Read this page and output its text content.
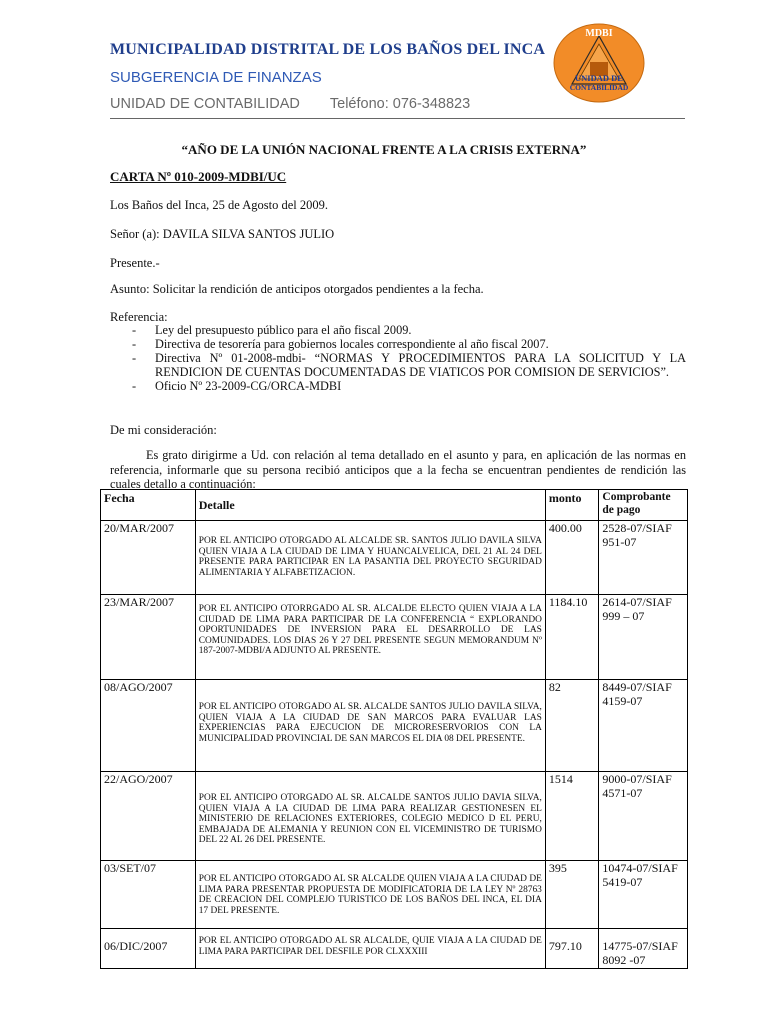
MUNICIPALIDAD DISTRITAL DE LOS BAÑOS DEL INCA
SUBGERENCIA DE FINANZAS
UNIDAD DE CONTABILIDAD Teléfono: 076-348823
MDBI
UNIDAD DE
CONTABILIDAD
“AÑO DE LA UNIÓN NACIONAL FRENTE A LA CRISIS EXTERNA”
CARTA Nº 010-2009-MDBI/UC
Los Baños del Inca, 25 de Agosto del 2009.
Señor (a): DAVILA SILVA SANTOS JULIO
Presente.-
Asunto: Solicitar la rendición de anticipos otorgados pendientes a la fecha.
Referencia:
- Ley del presupuesto público para el año fiscal 2009.
- Directiva de tesorería para gobiernos locales correspondiente al año fiscal 2007.
- Directiva Nº 01-2008-mdbi- “NORMAS Y PROCEDIMIENTOS PARA LA SOLICITUD Y LA RENDICION DE CUENTAS DOCUMENTADAS DE VIATICOS POR COMISION DE SERVICIOS”.
- Oficio Nº 23-2009-CG/ORCA-MDBI
De mi consideración:
Es grato dirigirme a Ud. con relación al tema detallado en el asunto y para, en aplicación de las normas en referencia, informarle que su persona recibió anticipos que a la fecha se encuentran pendientes de rendición las cuales detallo a continuación:
Fecha	Detalle	monto	Comprobante de pago
20/MAR/2007	POR EL ANTICIPO OTORGADO AL ALCALDE SR. SANTOS JULIO DAVILA SILVA QUIEN VIAJA A LA CIUDAD DE LIMA Y HUANCALVELICA, DEL 21 AL 24 DEL PRESENTE PARA PARTICIPAR EN LA PASANTIA DEL PROYECTO SEGURIDAD ALIMENTARIA Y ALFABETIZACION.	400.00	2528-07/SIAF
951-07

23/MAR/2007	POR EL ANTICIPO OTORRGADO AL SR. ALCALDE ELECTO QUIEN VIAJA A LA CIUDAD DE LIMA PARA PARTICIPAR DE LA CONFERENCIA “ EXPLORANDO OPORTUNIDADES DE INVERSION PARA EL DESARROLLO DE LAS COMUNIDADES. LOS DIAS 26 Y 27 DEL PRESENTE SEGUN MEMORANDUM Nº 187-2007-MDBI/A ADJUNTO AL PRESENTE.	1184.10	2614-07/SIAF
999 – 07

08/AGO/2007	POR EL ANTICIPO OTORGADO AL SR. ALCALDE SANTOS JULIO DAVILA SILVA, QUIEN VIAJA A LA CIUDAD DE SAN MARCOS PARA EVALUAR LAS EXPERIENCIAS PARA EJECUCION DE MICRORESERVORIOS CON LA MUNICIPALIDAD PROVINCIAL DE SAN MARCOS EL DIA 08 DEL PRESENTE.	82	8449-07/SIAF
4159-07

22/AGO/2007	POR EL ANTICIPO OTORGADO AL SR. ALCALDE SANTOS JULIO DAVIA SILVA, QUIEN VIAJA A LA CIUDAD DE LIMA PARA REALIZAR GESTIONESEN EL MINISTERIO DE RELACIONES EXTERIORES, COLEGIO MEDICO D EL PERU, EMBAJADA DE ALEMANIA Y REUNION CON EL VICEMINISTRO DE TURISMO DEL 22 AL 26 DEL PRESENTE.	1514	9000-07/SIAF
4571-07

03/SET/07	POR EL ANTICIPO OTORGADO AL SR ALCALDE QUIEN VIAJA A LA CIUDAD DE LIMA PARA PRESENTAR PROPUESTA DE MODIFICATORIA DE LA LEY Nº 28763 DE CREACION DEL COMPLEJO TURISTICO DE LOS BAÑOS DEL INCA, EL DIA 17 DEL PRESENTE.	395	10474-07/SIAF
5419-07

06/DIC/2007	POR EL ANTICIPO OTORGADO AL SR ALCALDE, QUIE VIAJA A LA CIUDAD DE LIMA PARA PARTICIPAR DEL DESFILE POR CLXXXIII	797.10	14775-07/SIAF
8092 -07
